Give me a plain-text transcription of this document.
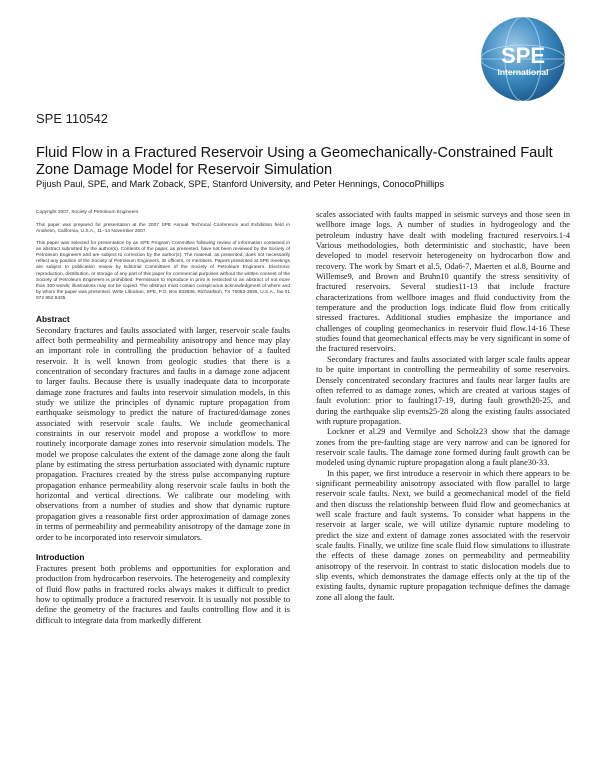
SPE
International
SPE 110542
Fluid Flow in a Fractured Reservoir Using a Geomechanically-Constrained Fault Zone Damage Model for Reservoir Simulation
Pijush Paul, SPE, and Mark Zoback, SPE, Stanford University, and Peter Hennings, ConocoPhillips

Copyright 2007, Society of Petroleum Engineers

This paper was prepared for presentation at the 2007 SPE Annual Technical Conference and Exhibition held in Anaheim, California, U.S.A., 11–14 November 2007.

This paper was selected for presentation by an SPE Program Committee following review of information contained in an abstract submitted by the author(s). Contents of the paper, as presented, have not been reviewed by the Society of Petroleum Engineers and are subject to correction by the author(s). The material, as presented, does not necessarily reflect any position of the Society of Petroleum Engineers, its officers, or members. Papers presented at SPE meetings are subject to publication review by Editorial Committees of the Society of Petroleum Engineers. Electronic reproduction, distribution, or storage of any part of this paper for commercial purposes without the written consent of the Society of Petroleum Engineers is prohibited. Permission to reproduce in print is restricted to an abstract of not more than 300 words; illustrations may not be copied. The abstract must contain conspicuous acknowledgment of where and by whom the paper was presented. Write Librarian, SPE, P.O. Box 833836, Richardson, TX 75083-3836, U.S.A., fax 01 972 952 9435.

Abstract

Secondary fractures and faults associated with larger, reservoir scale faults affect both permeability and permeability anisotropy and hence may play an important role in controlling the production behavior of a faulted reservoir. It is well known from geologic studies that there is a concentration of secondary fractures and faults in a damage zone adjacent to larger faults. Because there is usually inadequate data to incorporate damage zone fractures and faults into reservoir simulation models, in this study we utilize the principles of dynamic rupture propagation from earthquake seismology to predict the nature of fractured/damage zones associated with reservoir scale faults. We include geomechanical constraints in our reservoir model and propose a workflow to more routinely incorporate damage zones into reservoir simulation models. The model we propose calculates the extent of the damage zone along the fault plane by estimating the stress perturbation associated with dynamic rupture propagation. Fractures created by the stress pulse accompanying rupture propagation enhance permeability along reservoir scale faults in both the horizontal and vertical directions. We calibrate our modeling with observations from a number of studies and show that dynamic rupture propagation gives a reasonable first order approximation of damage zones in terms of permeability and permeability anisotropy of the damage zone in order to be incorporated into reservoir simulators.

Introduction

Fractures present both problems and opportunities for exploration and production from hydrocarbon reservoirs. The heterogeneity and complexity of fluid flow paths in fractured rocks always makes it difficult to predict how to optimally produce a fractured reservoir. It is usually not possible to define the geometry of the fractures and faults controlling flow and it is difficult to integrate data from markedly different

scales associated with faults mapped in seismic surveys and those seen in wellbore image logs. A number of studies in hydrogeology and the petroleum industry have dealt with modeling fractured reservoirs.1-4 Various methodologies, both deterministic and stochastic, have been developed to model reservoir heterogeneity on hydrocarbon flow and recovery. The work by Smart et al.5, Oda6-7, Maerten et al.8, Bourne and Willemse9, and Brown and Bruhn10 quantify the stress sensitivity of fractured reservoirs. Several studies11-13 that include fracture characterizations from wellbore images and fluid conductivity from the temperature and the production logs indicate fluid flow from critically stressed fractures. Additional studies emphasize the importance and challenges of coupling geomechanics in reservoir fluid flow.14-16 These studies found that geomechanical effects may be very significant in some of the fractured reservoirs.

Secondary fractures and faults associated with larger scale faults appear to be quite important in controlling the permeability of some reservoirs. Densely concentrated secondary fractures and faults near larger faults are often referred to as damage zones, which are created at various stages of fault evolution: prior to faulting17-19, during fault growth20-25, and during the earthquake slip events25-28 along the existing faults associated with rupture propagation.

Lockner et al.29 and Vermilye and Scholz23 show that the damage zones from the pre-faulting stage are very narrow and can be ignored for reservoir scale faults. The damage zone formed during fault growth can be modeled using dynamic rupture propagation along a fault plane30-33.

In this paper, we first introduce a reservoir in which there appears to be significant permeability anisotropy associated with flow parallel to large reservoir scale faults. Next, we build a geomechanical model of the field and then discuss the relationship between fluid flow and geomechanics at well scale fracture and fault systems. To consider what happens in the reservoir at larger scale, we will utilize dynamic rupture modeling to predict the size and extent of damage zones associated with the reservoir scale faults. Finally, we utilize fine scale fluid flow simulations to illustrate the effects of these damage zones on permeability and permeability anisotropy of the reservoir. In contrast to static dislocation models due to slip events, which demonstrates the damage effects only at the tip of the existing faults, dynamic rupture propagation technique defines the damage zone all along the fault.
